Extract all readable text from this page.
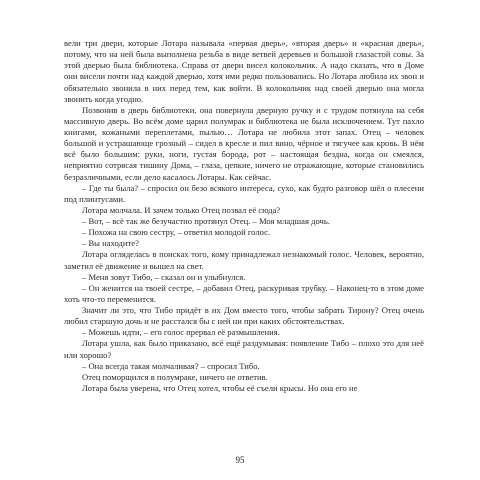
вели три двери, которые Лотара называла «первая дверь», «вторая дверь» и «красная дверь», потому, что на ней была выполнена резьба в виде ветвей деревьев и большой глазастой совы. За этой дверью была библиотека. Справа от двери висел колокольчик. А надо сказать, что в Доме они висели почти над каждой дверью, хотя ими редко пользовались. Но Лотара любила их звон и обязательно звонила в них перед тем, как войти. В колокольчик над своей дверью она могла звонить когда угодно.

Позвонив в дверь библиотеки, она повернула дверную ручку и с трудом потянула на себя массивную дверь. Во всём доме царил полумрак и библиотека не была исключением. Тут пахло книгами, кожаными переплетами, пылью… Лотара не любила этот запах. Отец – человек большой и устрашающе грозный – сидел в кресле и пил вино, чёрное и тягучее как кровь. В нём всё было большим: руки, ноги, густая борода, рот – настоящая бездна, когда он смеялся, неприятно сотрясая тишину Дома, – глаза, цепкие, ничего не отражающие, которые становились безразличными, если дело касалось Лотары. Как сейчас.

– Где ты была? – спросил он безо всякого интереса, сухо, как будто разговор шёл о плесени под плинтусами.

Лотара молчала. И зачем только Отец позвал её сюда?

– Вот, – всё так же безучастно протянул Отец. – Моя младшая дочь.

– Похожа на свою сестру, – ответил молодой голос.

– Вы находите?

Лотара огляделась в поисках того, кому принадлежал незнакомый голос. Человек, вероятно, заметил её движение и вышел на свет.

– Меня зовут Тибо, – сказал он и улыбнулся.

– Он женится на твоей сестре, – добавил Отец, раскуривая трубку. – Наконец-то в этом доме хоть что-то переменится.

Значит ли это, что Тибо придёт в их Дом вместо того, чтобы забрать Тирону? Отец очень любил старшую дочь и не расстался бы с ней ни при каких обстоятельствах.

– Можешь идти, – его голос прервал её размышления.

Лотара ушла, как было приказано, всё ещё раздумывая: появление Тибо – плохо это для неё или хорошо?

– Она всегда такая молчаливая? – спросил Тибо.

Отец поморщился в полумраке, ничего не ответив.

Лотара была уверена, что Отец хотел, чтобы её съели крысы. Но она его не

95
